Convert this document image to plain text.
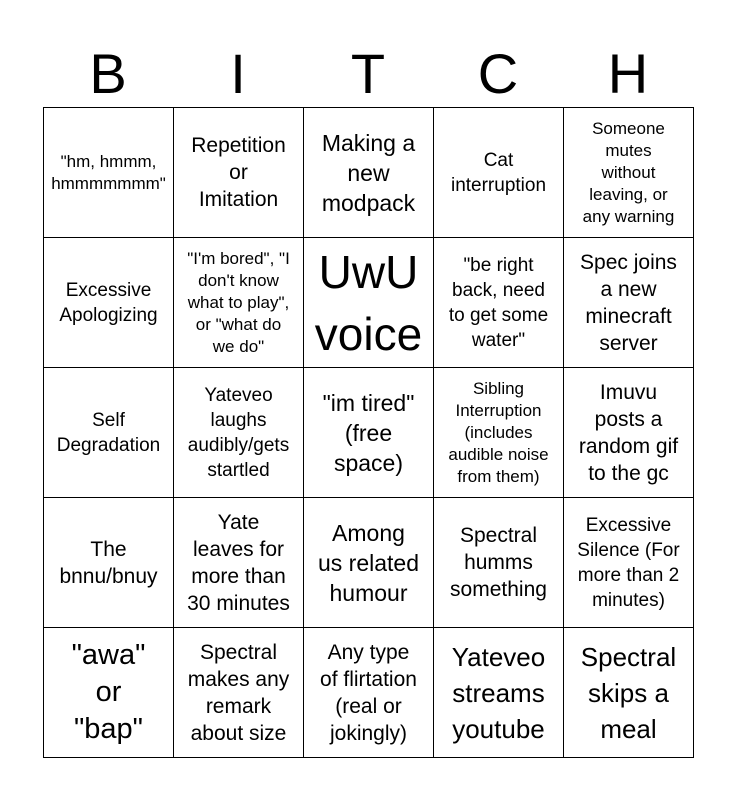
B	I	T	C	H
"hm, hmmm,
hmmmmmmm"
Repetition
or
Imitation
Making a
new
modpack
Cat
interruption
Someone
mutes
without
leaving, or
any warning
Excessive
Apologizing
"I'm bored", "I
don't know
what to play",
or "what do
we do"
UwU
voice
"be right
back, need
to get some
water"
Spec joins
a new
minecraft
server
Self
Degradation
Yateveo
laughs
audibly/gets
startled
"im tired"
(free
space)
Sibling
Interruption
(includes
audible noise
from them)
Imuvu
posts a
random gif
to the gc
The
bnnu/bnuy
Yate
leaves for
more than
30 minutes
Among
us related
humour
Spectral
humms
something
Excessive
Silence (For
more than 2
minutes)
"awa"
or
"bap"
Spectral
makes any
remark
about size
Any type
of flirtation
(real or
jokingly)
Yateveo
streams
youtube
Spectral
skips a
meal
